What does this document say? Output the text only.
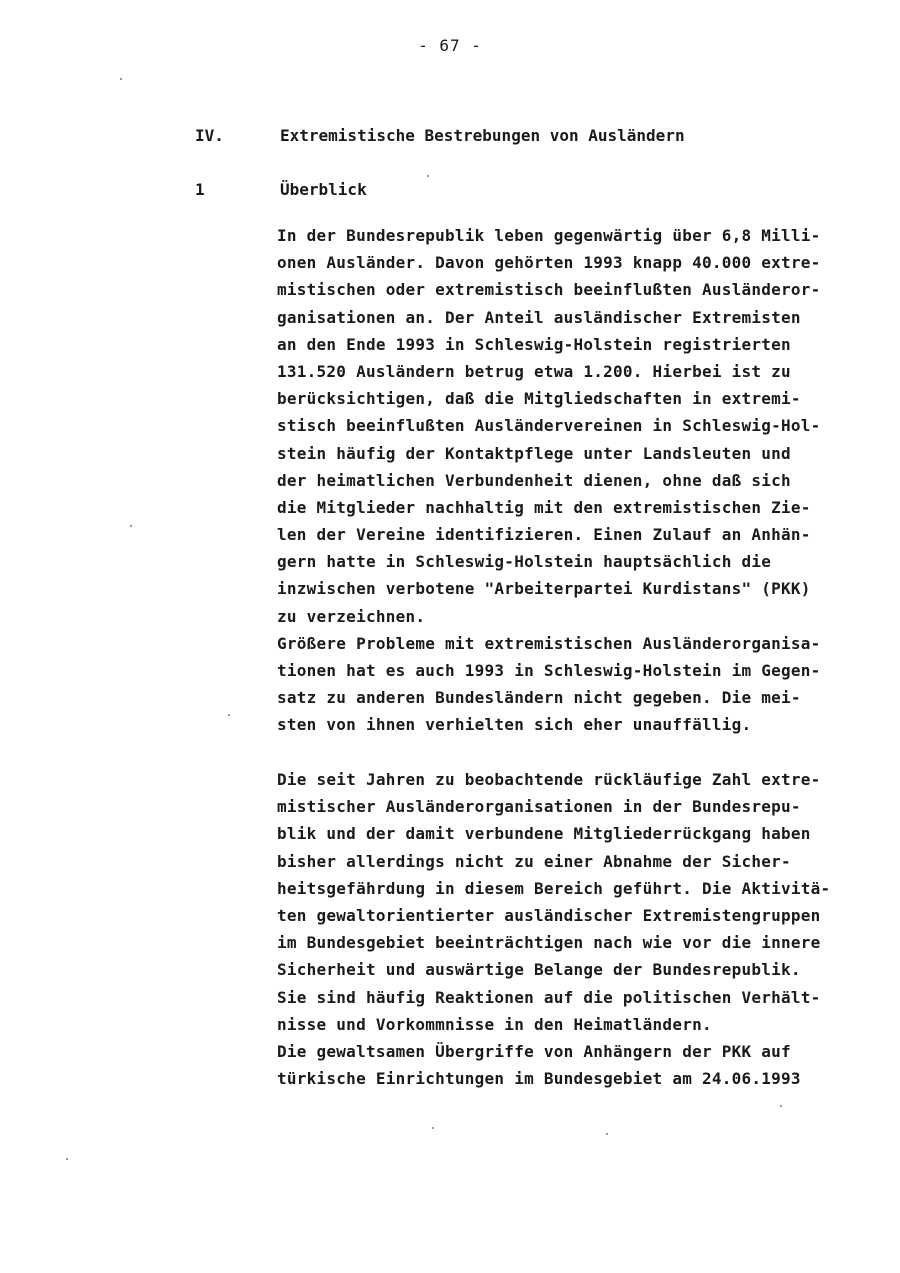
- 67 -
IV.	Extremistische Bestrebungen von Ausländern
1	Überblick
In der Bundesrepublik leben gegenwärtig über 6,8 Milli-
onen Ausländer. Davon gehörten 1993 knapp 40.000 extre-
mistischen oder extremistisch beeinflußten Ausländeror-
ganisationen an. Der Anteil ausländischer Extremisten
an den Ende 1993 in Schleswig-Holstein registrierten
131.520 Ausländern betrug etwa 1.200. Hierbei ist zu
berücksichtigen, daß die Mitgliedschaften in extremi-
stisch beeinflußten Ausländervereinen in Schleswig-Hol-
stein häufig der Kontaktpflege unter Landsleuten und
der heimatlichen Verbundenheit dienen, ohne daß sich
die Mitglieder nachhaltig mit den extremistischen Zie-
len der Vereine identifizieren. Einen Zulauf an Anhän-
gern hatte in Schleswig-Holstein hauptsächlich die
inzwischen verbotene "Arbeiterpartei Kurdistans" (PKK)
zu verzeichnen.
Größere Probleme mit extremistischen Ausländerorganisa-
tionen hat es auch 1993 in Schleswig-Holstein im Gegen-
satz zu anderen Bundesländern nicht gegeben. Die mei-
sten von ihnen verhielten sich eher unauffällig.
Die seit Jahren zu beobachtende rückläufige Zahl extre-
mistischer Ausländerorganisationen in der Bundesrepu-
blik und der damit verbundene Mitgliederrückgang haben
bisher allerdings nicht zu einer Abnahme der Sicher-
heitsgefährdung in diesem Bereich geführt. Die Aktivitä-
ten gewaltorientierter ausländischer Extremistengruppen
im Bundesgebiet beeinträchtigen nach wie vor die innere
Sicherheit und auswärtige Belange der Bundesrepublik.
Sie sind häufig Reaktionen auf die politischen Verhält-
nisse und Vorkommnisse in den Heimatländern.
Die gewaltsamen Übergriffe von Anhängern der PKK auf
türkische Einrichtungen im Bundesgebiet am 24.06.1993
